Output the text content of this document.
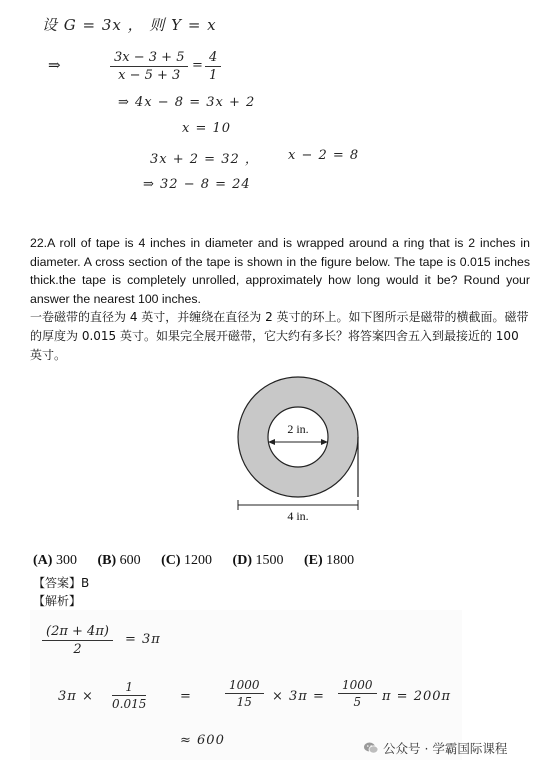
设 G = 3x ， 则 Y = x
⇒	$\frac{3x - 3 + 5}{x - 5 + 3} = \frac{4}{1}$
⇒ 4x − 8 = 3x + 2
x = 10
3x + 2 = 32 ， x − 2 = 8
⇒ 32 − 8 = 24
22.A roll of tape is 4 inches in diameter and is wrapped around a ring that is 2 inches in diameter. A cross section of the tape is shown in the figure below. The tape is 0.015 inches thick.the tape is completely unrolled, approximately how long would it be? Round your answer the nearest 100 inches.
一卷磁带的直径为 4 英寸，并缠绕在直径为 2 英寸的环上。如下图所示是磁带的横截面。磁带的厚度为 0.015 英寸。如果完全展开磁带，它大约有多长？将答案四舍五入到最接近的 100 英寸。
2 in.
4 in.
(A) 300 (B) 600 (C) 1200 (D) 1500 (E) 1800
【答案】B
【解析】
$\frac{(2\pi + 4\pi)}{2} = 3\pi$
$3\pi \times \frac{1}{0.015}$	=	$\frac{1000}{15} \times 3\pi = \frac{1000}{5}$ π = 200π
≈ 600
公众号 · 学霸国际课程
